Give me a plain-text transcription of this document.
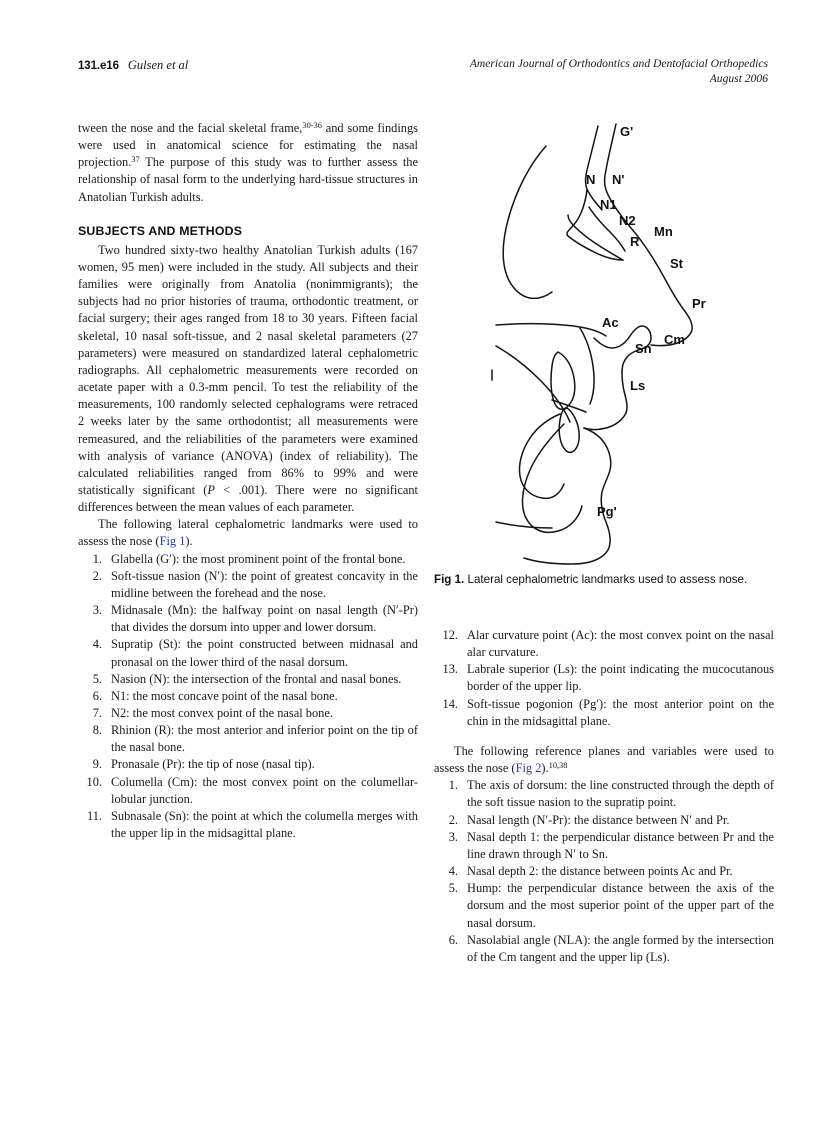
131.e16 Gulsen et al	American Journal of Orthodontics and Dentofacial Orthopedics
August 2006

tween the nose and the facial skeletal frame,$^{30-36}$ and some findings were used in anatomical science for estimating the nasal projection.$^{37}$ The purpose of this study was to further assess the relationship of nasal form to the underlying hard-tissue structures in Anatolian Turkish adults.

SUBJECTS AND METHODS

Two hundred sixty-two healthy Anatolian Turkish adults (167 women, 95 men) were included in the study. All subjects and their families were originally from Anatolia (nonimmigrants); the subjects had no prior histories of trauma, orthodontic treatment, or facial surgery; their ages ranged from 18 to 30 years. Fifteen facial skeletal, 10 nasal soft-tissue, and 2 nasal skeletal parameters (27 parameters) were measured on standardized lateral cephalometric radiographs. All cephalometric measurements were recorded on acetate paper with a 0.3-mm pencil. To test the reliability of the measurements, 100 randomly selected cephalograms were retraced 2 weeks later by the same orthodontist; all measurements were remeasured, and the reliabilities of the parameters were examined with analysis of variance (ANOVA) (index of reliability). The calculated reliabilities ranged from 86% to 99% and were statistically significant (P < .001). There were no significant differences between the mean values of each parameter.

The following lateral cephalometric landmarks were used to assess the nose (Fig 1).

1. Glabella (G′): the most prominent point of the frontal bone.
2. Soft-tissue nasion (N′): the point of greatest concavity in the midline between the forehead and the nose.
3. Midnasale (Mn): the halfway point on nasal length (N′-Pr) that divides the dorsum into upper and lower dorsum.
4. Supratip (St): the point constructed between midnasal and pronasal on the lower third of the nasal dorsum.
5. Nasion (N): the intersection of the frontal and nasal bones.
6. N1: the most concave point of the nasal bone.
7. N2: the most convex point of the nasal bone.
8. Rhinion (R): the most anterior and inferior point on the tip of the nasal bone.
9. Pronasale (Pr): the tip of nose (nasal tip).
10. Columella (Cm): the most convex point on the columellar-lobular junction.
11. Subnasale (Sn): the point at which the columella merges with the upper lip in the midsagittal plane.
G'
N N'
N1
N2
R
Mn
St
Pr
Ac
Cm
Sn
Ls
Pg'
Fig 1. Lateral cephalometric landmarks used to assess nose.
12. Alar curvature point (Ac): the most convex point on the nasal alar curvature.
13. Labrale superior (Ls): the point indicating the mucocutanous border of the upper lip.
14. Soft-tissue pogonion (Pg′): the most anterior point on the chin in the midsagittal plane.

The following reference planes and variables were used to assess the nose (Fig 2).$^{10,38}$

1. The axis of dorsum: the line constructed through the depth of the soft tissue nasion to the supratip point.
2. Nasal length (N′-Pr): the distance between N′ and Pr.
3. Nasal depth 1: the perpendicular distance between Pr and the line drawn through N′ to Sn.
4. Nasal depth 2: the distance between points Ac and Pr.
5. Hump: the perpendicular distance between the axis of the dorsum and the most superior point of the upper part of the nasal dorsum.
6. Nasolabial angle (NLA): the angle formed by the intersection of the Cm tangent and the upper lip (Ls).
